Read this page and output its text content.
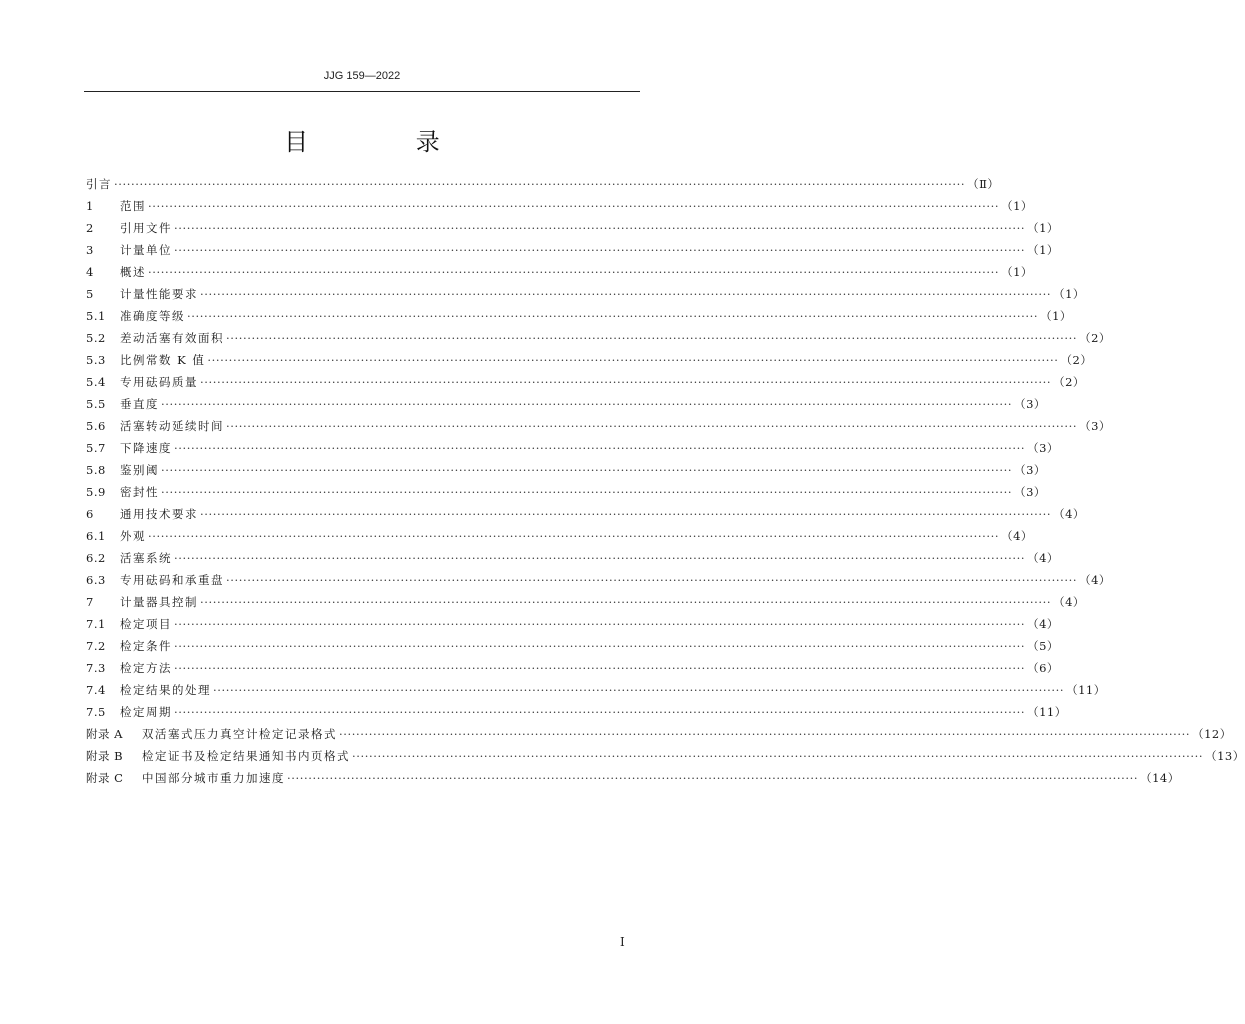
JJG 159—2022
目 录
引言 ········································································································································································································ （Ⅱ）
1	范围 ········································································································································································································ （1）
2	引用文件 ········································································································································································································ （1）
3	计量单位 ········································································································································································································ （1）
4	概述 ········································································································································································································ （1）
5	计量性能要求 ········································································································································································································ （1）
5.1	准确度等级 ········································································································································································································ （1）
5.2	差动活塞有效面积 ········································································································································································································ （2）
5.3	比例常数 K 值 ········································································································································································································ （2）
5.4	专用砝码质量 ········································································································································································································ （2）
5.5	垂直度 ········································································································································································································ （3）
5.6	活塞转动延续时间 ········································································································································································································ （3）
5.7	下降速度 ········································································································································································································ （3）
5.8	鉴别阈 ········································································································································································································ （3）
5.9	密封性 ········································································································································································································ （3）
6	通用技术要求 ········································································································································································································ （4）
6.1	外观 ········································································································································································································ （4）
6.2	活塞系统 ········································································································································································································ （4）
6.3	专用砝码和承重盘 ········································································································································································································ （4）
7	计量器具控制 ········································································································································································································ （4）
7.1	检定项目 ········································································································································································································ （4）
7.2	检定条件 ········································································································································································································ （5）
7.3	检定方法 ········································································································································································································ （6）
7.4	检定结果的处理 ········································································································································································································ （11）
7.5	检定周期 ········································································································································································································ （11）
附录 A	双活塞式压力真空计检定记录格式 ········································································································································································································ （12）
附录 B	检定证书及检定结果通知书内页格式 ········································································································································································································ （13）
附录 C	中国部分城市重力加速度 ········································································································································································································ （14）
Ⅰ
